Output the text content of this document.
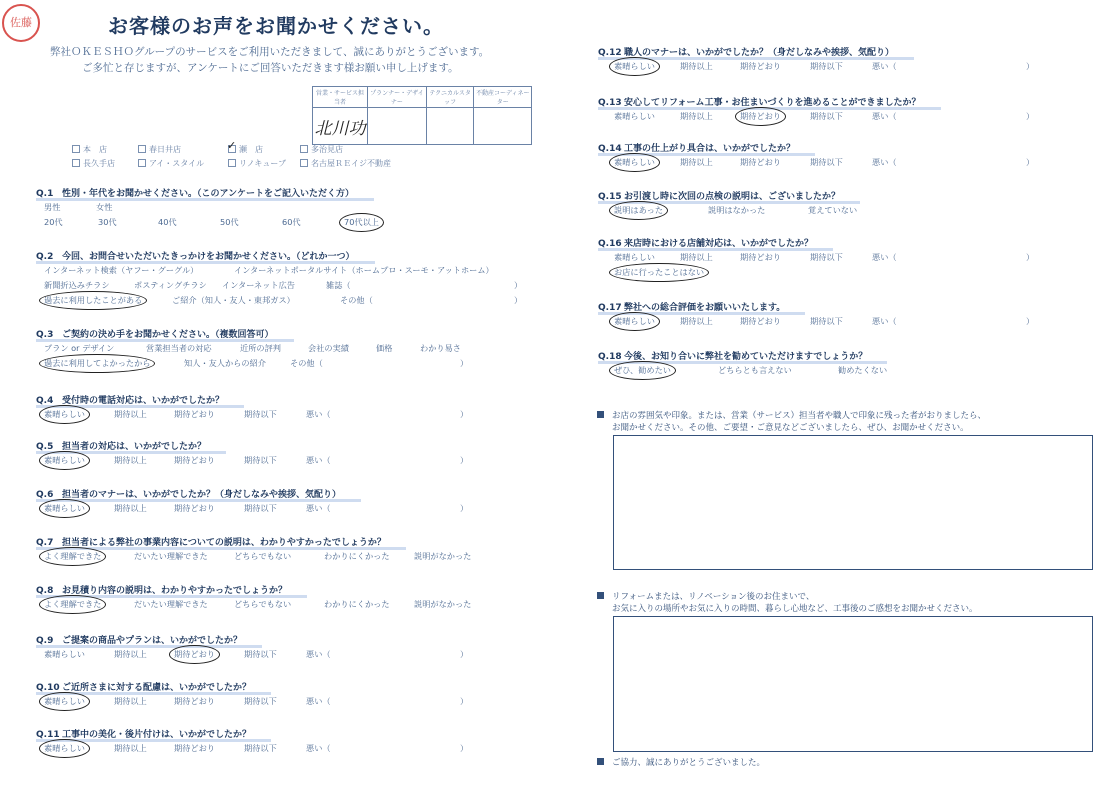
佐藤	お客様のお声をお聞かせください。
弊社ＯＫＥＳＨＯグループのサービスをご利用いただきまして、誠にありがとうございます。
ご多忙と存じますが、アンケートにご回答いただきます様お願い申し上げます。
営業・サービス担当者	プランナー・デザイナー	テクニカルスタッフ	不動産コーディネーター
北川功			
本　店	春日井店 ✓	瀬　店	多治見店
長久手店	アイ・スタイル	リノキューブ	名古屋ＲＥイジ不動産
Q.1 性別・年代をお聞かせください。（このアンケートをご記入いただく方）
男性	女性
20代	30代	40代	50代	60代	70代以上
Q.2 今回、お問合せいただいたきっかけをお聞かせください。（どれか一つ）
インターネット検索（ヤフー・グーグル）	インターネットポータルサイト（ホームプロ・スーモ・アットホーム）
新聞折込みチラシ	ポスティングチラシ インターネット広告	雑誌（	）
過去に利用したことがある	ご紹介（知人・友人・東邦ガス）	その他（	）
Q.3 ご契約の決め手をお聞かせください。（複数回答可）
プラン or デザイン	営業担当者の対応	近所の評判	会社の実績	価格	わかり易さ
過去に利用してよかったから	知人・友人からの紹介	その他（	）
Q.4 受付時の電話対応は、いかがでしたか？
素晴らしい	期待以上	期待どおり	期待以下	悪い（	）
Q.5 担当者の対応は、いかがでしたか？
素晴らしい	期待以上	期待どおり	期待以下	悪い（	）
Q.6 担当者のマナーは、いかがでしたか？（身だしなみや挨拶、気配り）
素晴らしい	期待以上	期待どおり	期待以下	悪い（	）
Q.7 担当者による弊社の事業内容についての説明は、わかりやすかったでしょうか？
よく理解できた	だいたい理解できた	どちらでもない	わかりにくかった	説明がなかった
Q.8 お見積り内容の説明は、わかりやすかったでしょうか？
よく理解できた	だいたい理解できた	どちらでもない	わかりにくかった	説明がなかった
Q.9 ご提案の商品やプランは、いかがでしたか？
素晴らしい	期待以上	期待どおり	期待以下	悪い（	）
Q.10 ご近所さまに対する配慮は、いかがでしたか？
素晴らしい	期待以上	期待どおり	期待以下	悪い（	）
Q.11 工事中の美化・後片付けは、いかがでしたか？
素晴らしい	期待以上	期待どおり	期待以下	悪い（	）
Q.12 職人のマナーは、いかがでしたか？（身だしなみや挨拶、気配り）
素晴らしい	期待以上	期待どおり	期待以下	悪い（	）
Q.13 安心してリフォーム工事・お住まいづくりを進めることができましたか？
素晴らしい	期待以上	期待どおり	期待以下	悪い（	）
Q.14 工事の仕上がり具合は、いかがでしたか？
素晴らしい	期待以上	期待どおり	期待以下	悪い（	）
Q.15 お引渡し時に次回の点検の説明は、ございましたか？
説明はあった	説明はなかった	覚えていない
Q.16 来店時における店舗対応は、いかがでしたか？
素晴らしい	期待以上	期待どおり	期待以下	悪い（	）
お店に行ったことはない
Q.17 弊社への総合評価をお願いいたします。
素晴らしい	期待以上	期待どおり	期待以下	悪い（	）
Q.18 今後、お知り合いに弊社を勧めていただけますでしょうか？
ぜひ、勧めたい	どちらとも言えない	勧めたくない
お店の雰囲気や印象。または、営業（サービス）担当者や職人で印象に残った者がおりましたら、
お聞かせください。その他、ご要望・ご意見などございましたら、ぜひ、お聞かせください。
リフォームまたは、リノベーション後のお住まいで、
お気に入りの場所やお気に入りの時間、暮らし心地など、工事後のご感想をお聞かせください。
ご協力、誠にありがとうございました。
